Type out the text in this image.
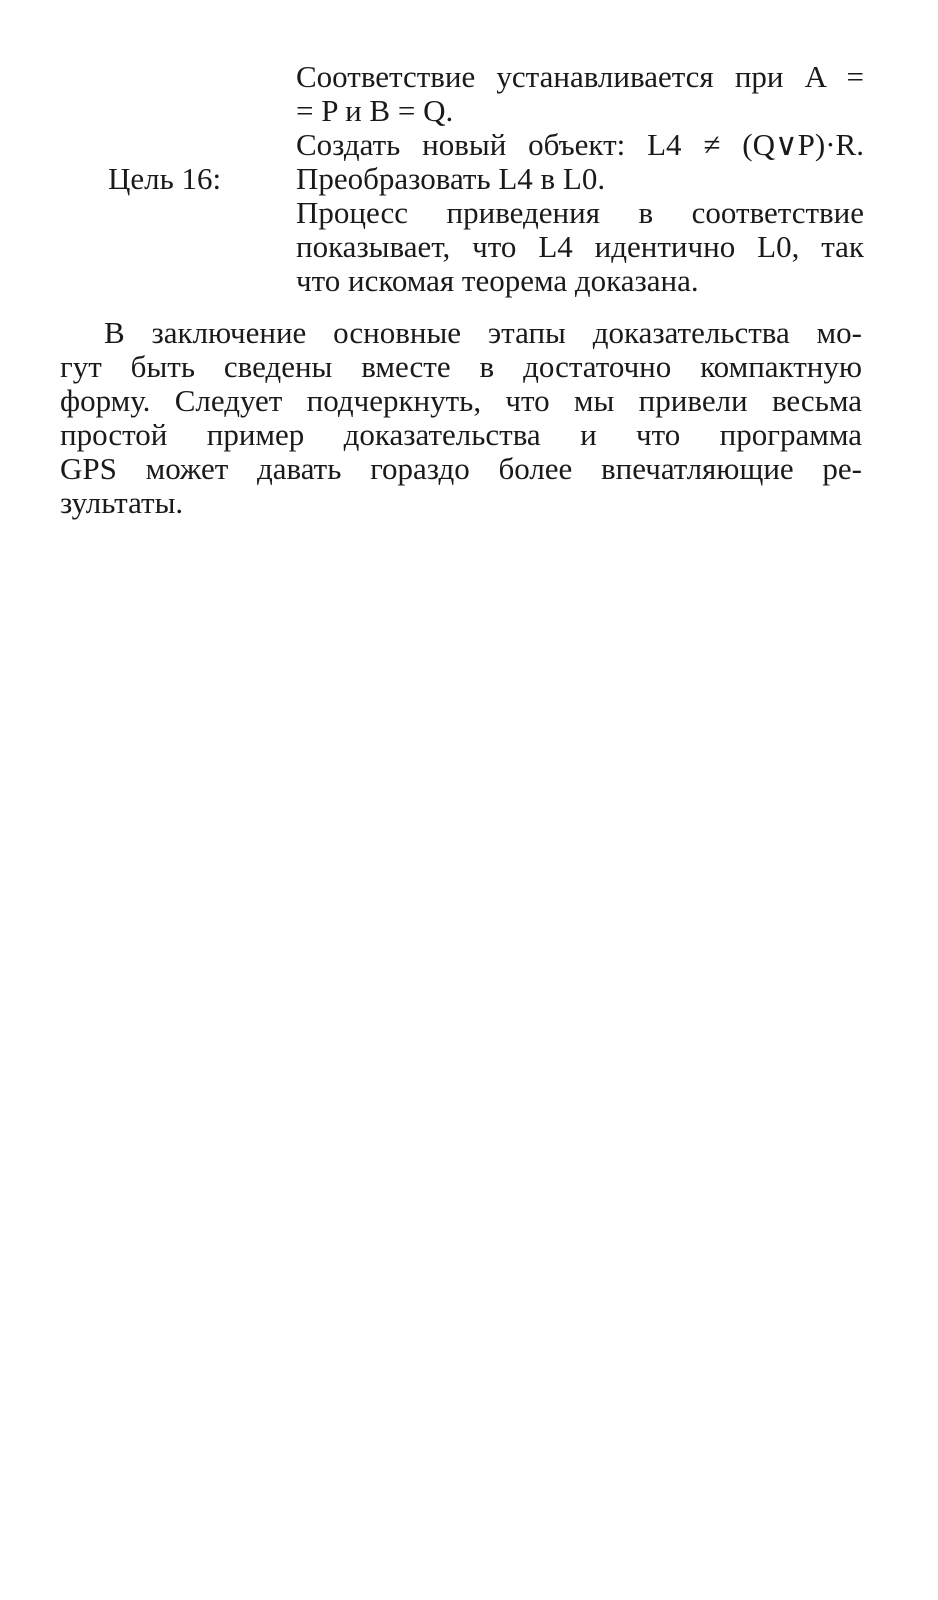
Соответствие устанавливается при A =
= P и B = Q.
Создать новый объект: L4 ≠ (Q∨P)·R.
Цель 16:	Преобразовать L4 в L0.
Процесс приведения в соответствие
показывает, что L4 идентично L0, так
что искомая теорема доказана.
В заключение основные этапы доказательства мо-
гут быть сведены вместе в достаточно компактную
форму. Следует подчеркнуть, что мы привели весьма
простой пример доказательства и что программа
GPS может давать гораздо более впечатляющие ре-
зультаты.
